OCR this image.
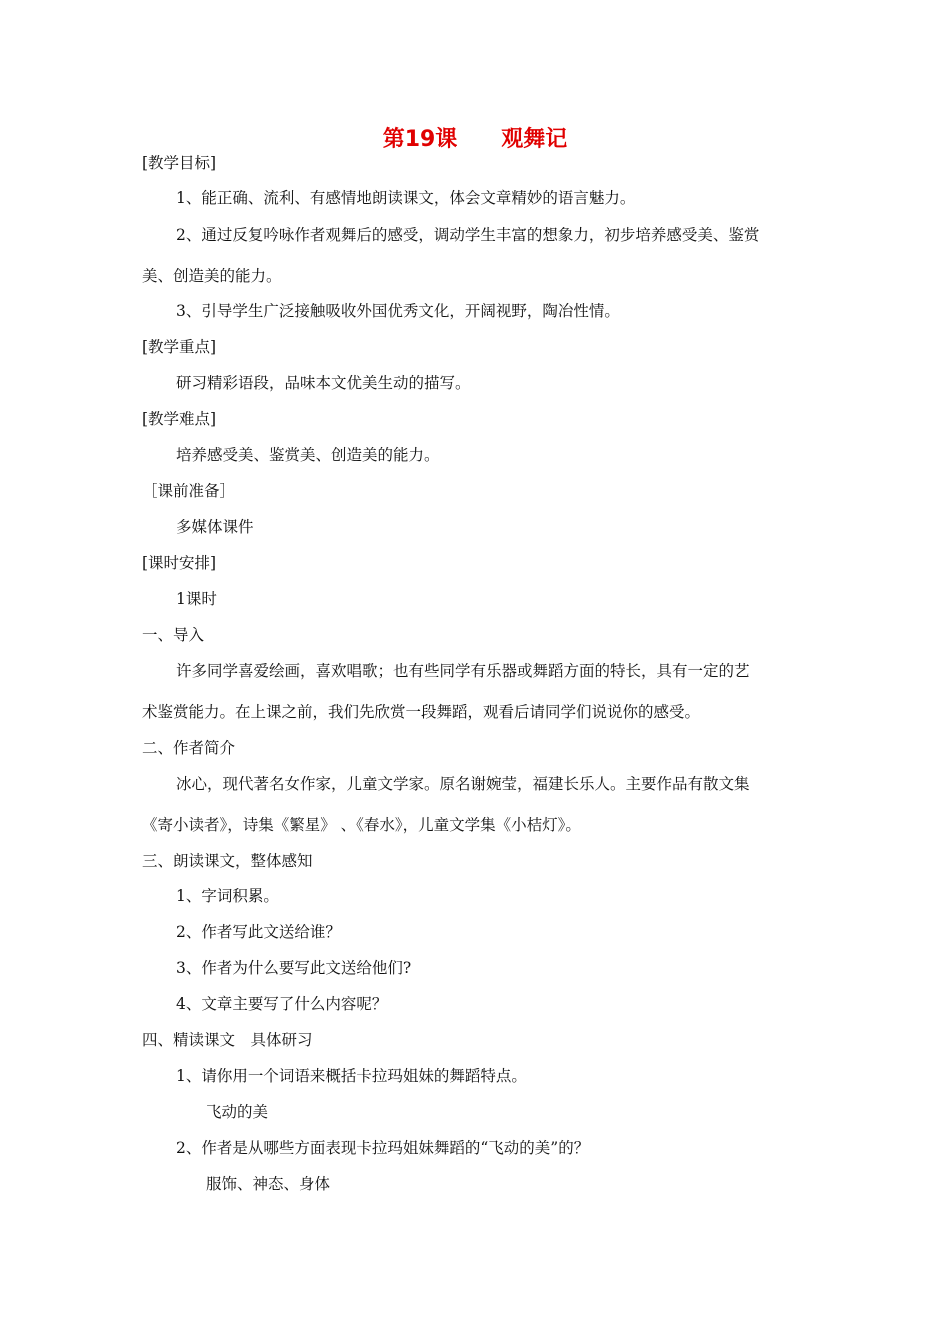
第19课　　观舞记
[教学目标]
1、能正确、流利、有感情地朗读课文，体会文章精妙的语言魅力。
2、通过反复吟咏作者观舞后的感受，调动学生丰富的想象力，初步培养感受美、鉴赏
美、创造美的能力。
3、引导学生广泛接触吸收外国优秀文化，开阔视野，陶冶性情。
[教学重点]
研习精彩语段，品味本文优美生动的描写。
[教学难点]
培养感受美、鉴赏美、创造美的能力。
［课前准备］
多媒体课件
[课时安排]
1课时
一、导入
许多同学喜爱绘画，喜欢唱歌；也有些同学有乐器或舞蹈方面的特长，具有一定的艺
术鉴赏能力。在上课之前，我们先欣赏一段舞蹈，观看后请同学们说说你的感受。
二、作者简介
冰心，现代著名女作家，儿童文学家。原名谢婉莹，福建长乐人。主要作品有散文集
《寄小读者》，诗集《繁星》 、《春水》，儿童文学集《小桔灯》。
三、朗读课文，整体感知
1、字词积累。
2、作者写此文送给谁？
3、作者为什么要写此文送给他们?
4、文章主要写了什么内容呢？
四、精读课文　具体研习
1、请你用一个词语来概括卡拉玛姐妹的舞蹈特点。
飞动的美
2、作者是从哪些方面表现卡拉玛姐妹舞蹈的“飞动的美”的？
服饰、神态、身体
